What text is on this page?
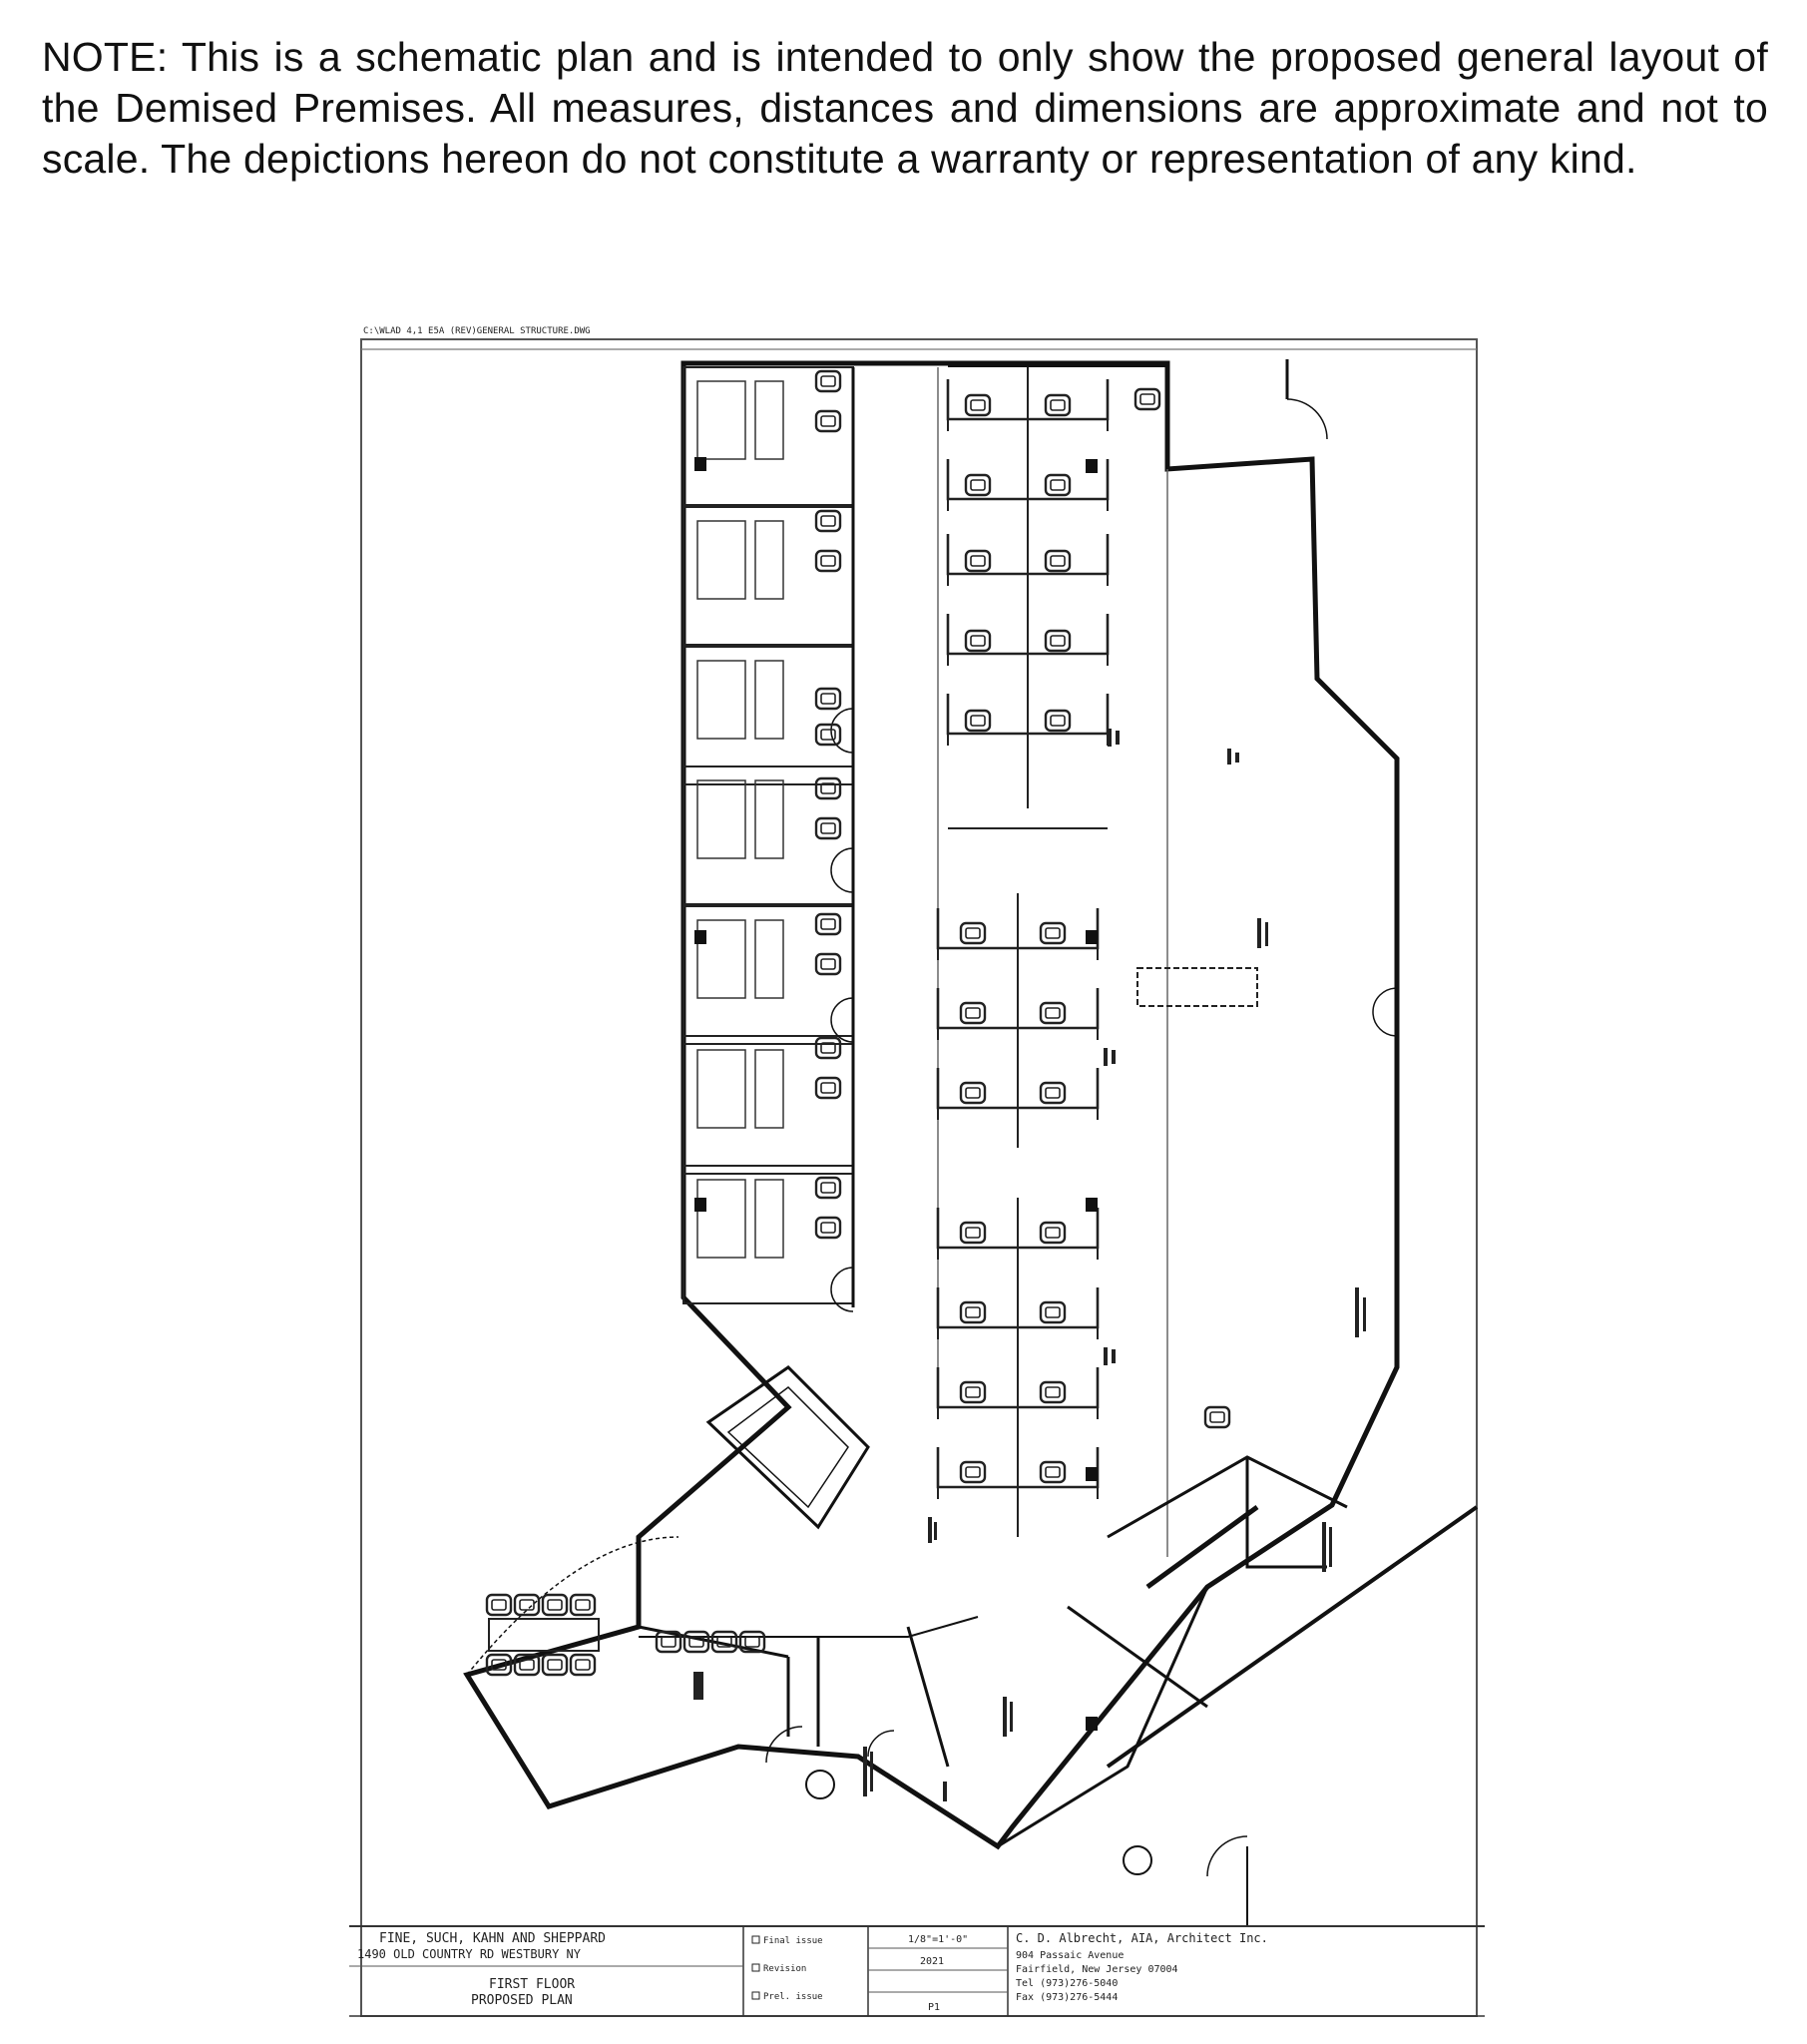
NOTE: This is a schematic plan and is intended to only show the proposed general layout of the Demised Premises. All measures, distances and dimensions are approximate and not to scale. The depictions hereon do not constitute a warranty or representation of any kind.
C:\WLAD 4,1 E5A (REV)GENERAL STRUCTURE.DWG
FINE, SUCH, KAHN AND SHEPPARD
1490 OLD COUNTRY RD WESTBURY NY
FIRST FLOOR
PROPOSED PLAN
Final issue
Revision
Prel. issue
1/8"=1'-0"
2021
P1
C. D. Albrecht, AIA, Architect Inc.
904 Passaic Avenue
Fairfield, New Jersey 07004
Tel (973)276-5040
Fax (973)276-5444
